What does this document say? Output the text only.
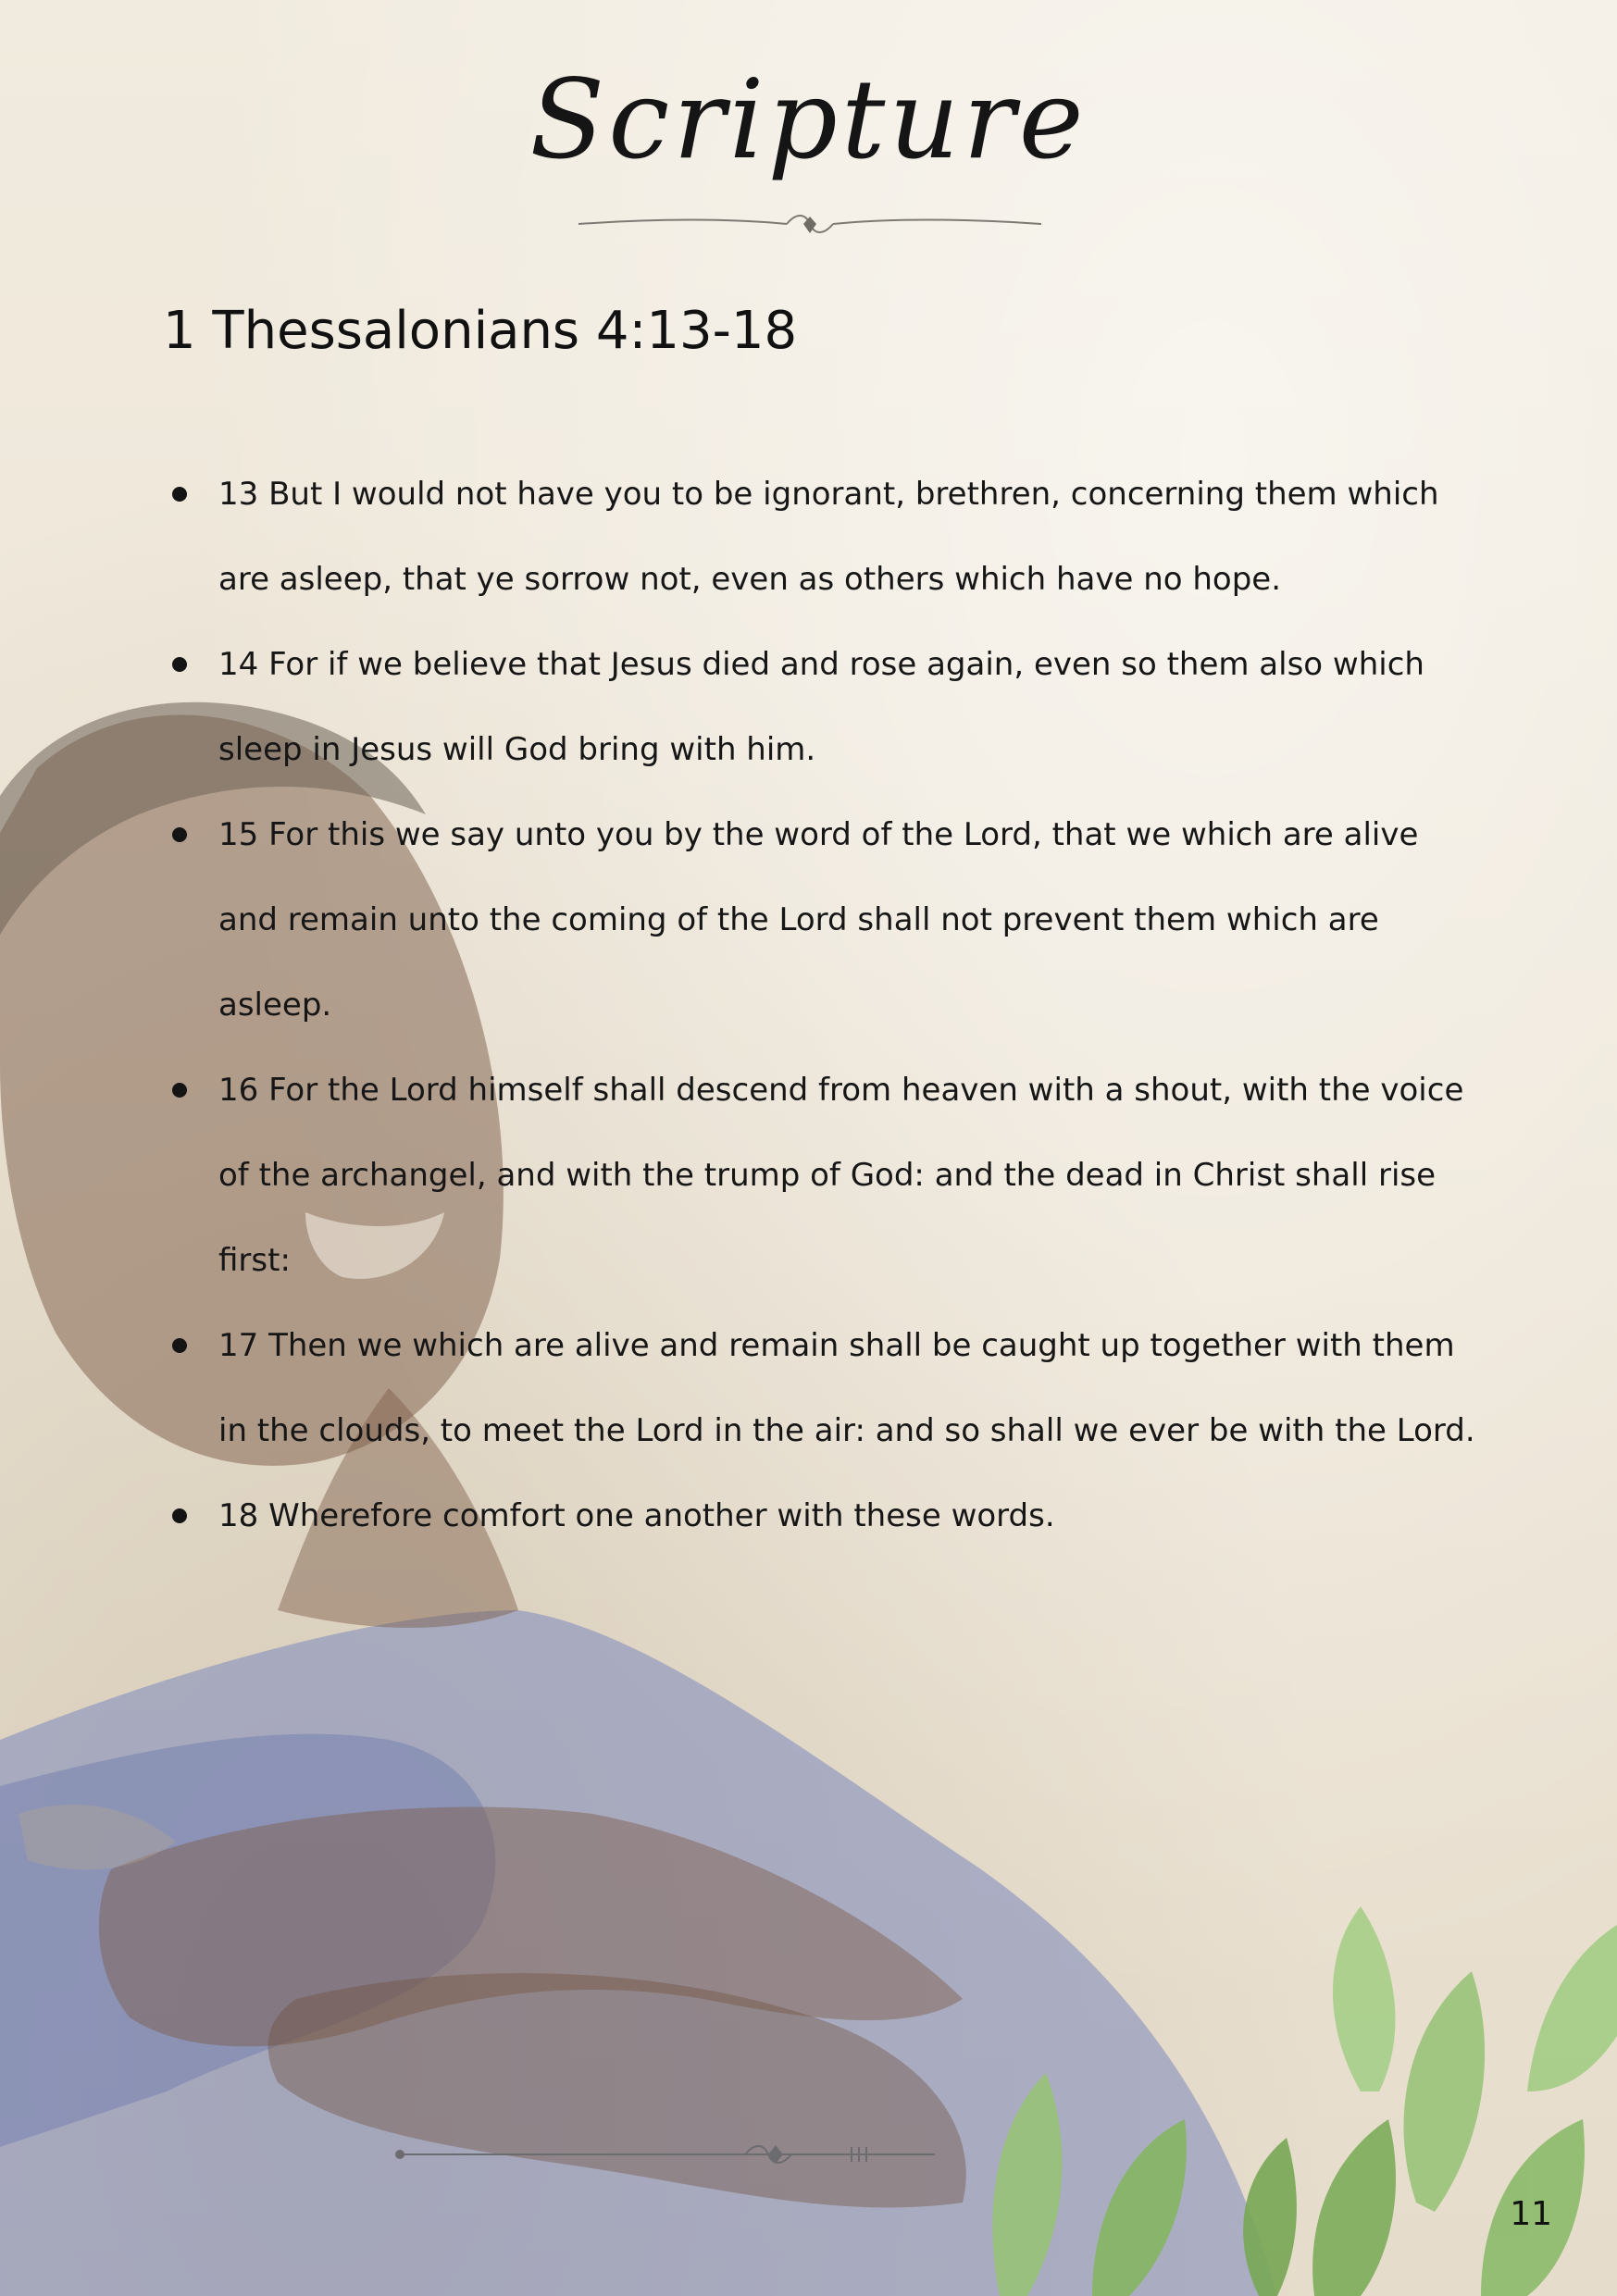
Scripture
1 Thessalonians 4:13-18
13 But I would not have you to be ignorant, brethren, concerning them which are asleep, that ye sorrow not, even as others which have no hope.
14 For if we believe that Jesus died and rose again, even so them also which sleep in Jesus will God bring with him.
15 For this we say unto you by the word of the Lord, that we which are alive and remain unto the coming of the Lord shall not prevent them which are asleep.
16 For the Lord himself shall descend from heaven with a shout, with the voice of the archangel, and with the trump of God: and the dead in Christ shall rise first:
17 Then we which are alive and remain shall be caught up together with them in the clouds, to meet the Lord in the air: and so shall we ever be with the Lord.
18 Wherefore comfort one another with these words.
11
